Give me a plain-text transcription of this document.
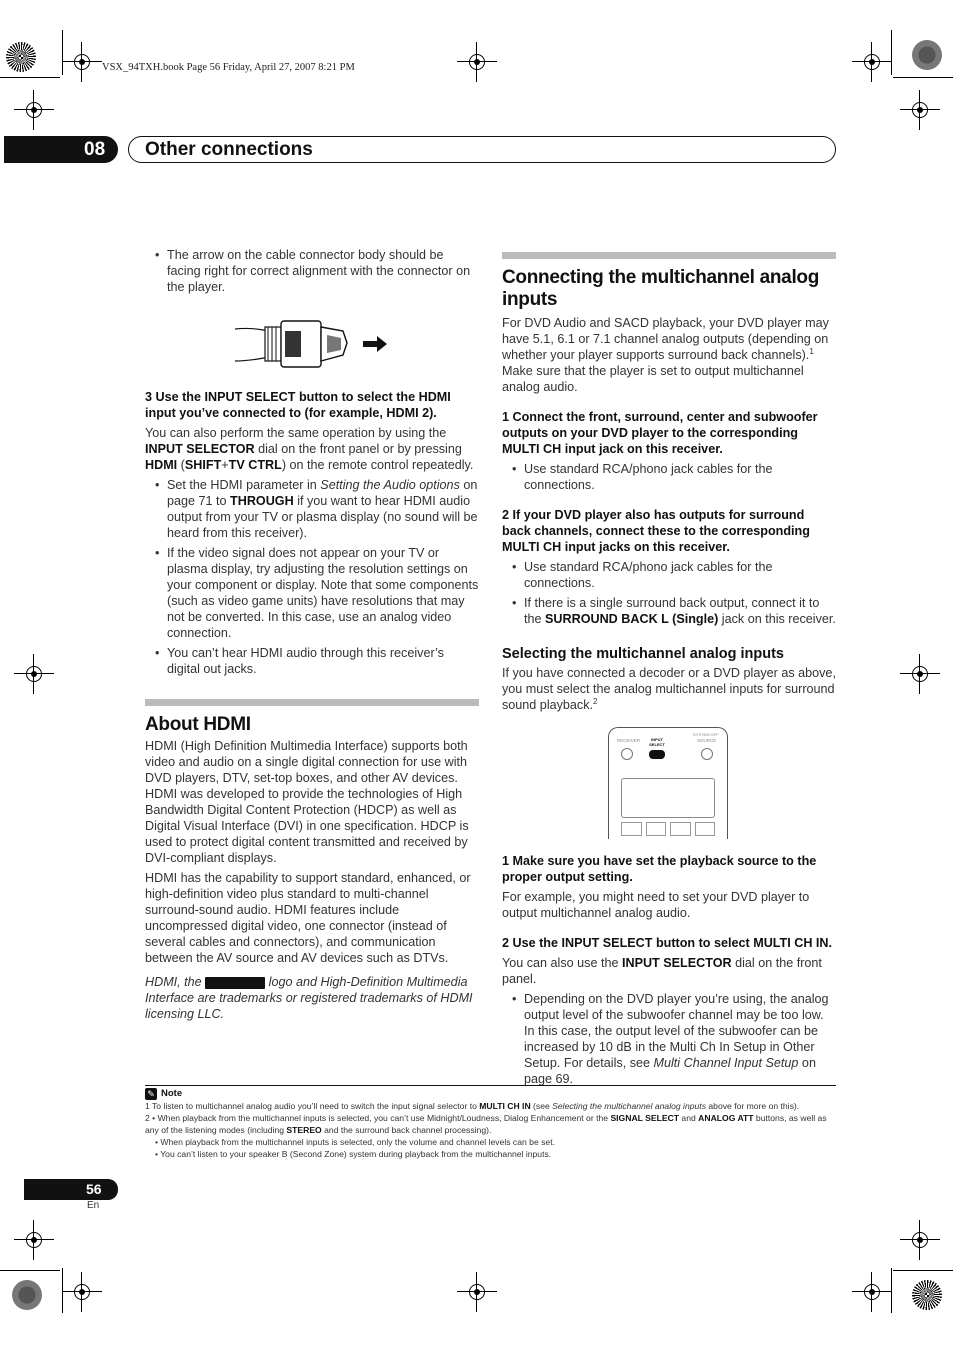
VSX_94TXH.book Page 56 Friday, April 27, 2007 8:21 PM
08	Other connections
• The arrow on the cable connector body should be facing right for correct alignment with the connector on the player.

3 Use the INPUT SELECT button to select the HDMI input you’ve connected to (for example, HDMI 2).

You can also perform the same operation by using the INPUT SELECTOR dial on the front panel or by pressing HDMI (SHIFT+TV CTRL) on the remote control repeatedly.

• Set the HDMI parameter in Setting the Audio options on page 71 to THROUGH if you want to hear HDMI audio output from your TV or plasma display (no sound will be heard from this receiver).
• If the video signal does not appear on your TV or plasma display, try adjusting the resolution settings on your component or display. Note that some components (such as video game units) have resolutions that may not be converted. In this case, use an analog video connection.
• You can’t hear HDMI audio through this receiver’s digital out jacks.
About HDMI

HDMI (High Definition Multimedia Interface) supports both video and audio on a single digital connection for use with DVD players, DTV, set-top boxes, and other AV devices. HDMI was developed to provide the technologies of High Bandwidth Digital Content Protection (HDCP) as well as Digital Visual Interface (DVI) in one specification. HDCP is used to protect digital content transmitted and received by DVI-compliant displays.

HDMI has the capability to support standard, enhanced, or high-definition video plus standard to multi-channel surround-sound audio. HDMI features include uncompressed digital video, one connector (instead of several cables and connectors), and communication between the AV source and AV devices such as DTVs.

HDMI, the	logo and High-Definition Multimedia Interface are trademarks or registered trademarks of HDMI licensing LLC.

Connecting the multichannel analog inputs

For DVD Audio and SACD playback, your DVD player may have 5.1, 6.1 or 7.1 channel analog outputs (depending on whether your player supports surround back channels).$^1$ Make sure that the player is set to output multichannel analog audio.

1 Connect the front, surround, center and subwoofer outputs on your DVD player to the corresponding MULTI CH input jack on this receiver.

• Use standard RCA/phono jack cables for the connections.

2 If your DVD player also has outputs for surround back channels, connect these to the corresponding MULTI CH input jacks on this receiver.

• Use standard RCA/phono jack cables for the connections.
• If there is a single surround back output, connect it to the SURROUND BACK L (Single) jack on this receiver.
Selecting the multichannel analog inputs

If you have connected a decoder or a DVD player as above, you must select the analog multichannel inputs for surround sound playback.$^2$

RECEIVER	INPUT SELECT
SYSTEM OFF
SOURCE

1 Make sure you have set the playback source to the proper output setting.

For example, you might need to set your DVD player to output multichannel analog audio.

2 Use the INPUT SELECT button to select MULTI CH IN.

You can also use the INPUT SELECTOR dial on the front panel.

• Depending on the DVD player you’re using, the analog output level of the subwoofer channel may be too low. In this case, the output level of the subwoofer can be increased by 10 dB in the Multi Ch In Setup in Other Setup. For details, see Multi Channel Input Setup on page 69.
✎ Note
1 To listen to multichannel analog audio you’ll need to switch the input signal selector to MULTI CH IN (see Selecting the multichannel analog inputs above for more on this).
2 • When playback from the multichannel inputs is selected, you can’t use Midnight/Loudness, Dialog Enhancement or the SIGNAL SELECT and ANALOG ATT buttons, as well as any of the listening modes (including STEREO and the surround back channel processing).
• When playback from the multichannel inputs is selected, only the volume and channel levels can be set.
• You can’t listen to your speaker B (Second Zone) system during playback from the multichannel inputs.
56
En
